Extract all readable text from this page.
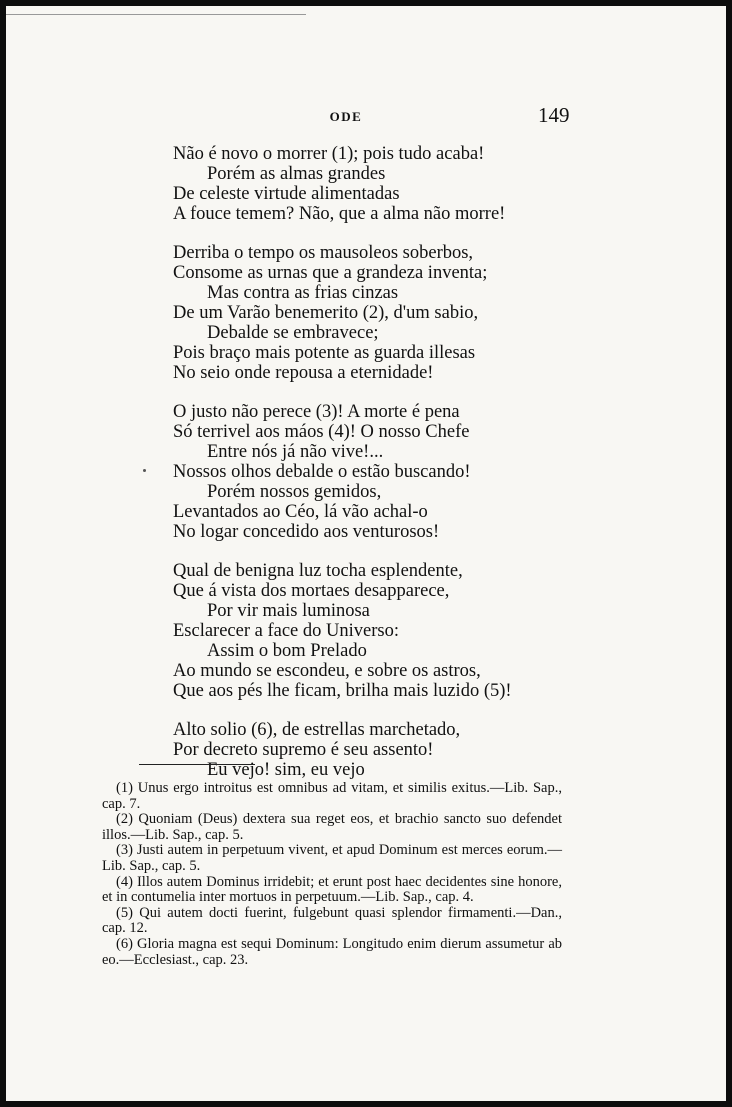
ODE	149
Não é novo o morrer (1); pois tudo acaba!
Porém as almas grandes
De celeste virtude alimentadas
A fouce temem? Não, que a alma não morre!
Derriba o tempo os mausoleos soberbos,
Consome as urnas que a grandeza inventa;
Mas contra as frias cinzas
De um Varão benemerito (2), d'um sabio,
Debalde se embravece;
Pois braço mais potente as guarda illesas
No seio onde repousa a eternidade!
O justo não perece (3)! A morte é pena
Só terrivel aos máos (4)! O nosso Chefe
Entre nós já não vive!...
Nossos olhos debalde o estão buscando!
Porém nossos gemidos,
Levantados ao Céo, lá vão achal-o
No logar concedido aos venturosos!
Qual de benigna luz tocha esplendente,
Que á vista dos mortaes desapparece,
Por vir mais luminosa
Esclarecer a face do Universo:
Assim o bom Prelado
Ao mundo se escondeu, e sobre os astros,
Que aos pés lhe ficam, brilha mais luzido (5)!
Alto solio (6), de estrellas marchetado,
Por decreto supremo é seu assento!
Eu vejo! sim, eu vejo
(1) Unus ergo introitus est omnibus ad vitam, et similis exitus.—Lib. Sap., cap. 7.
(2) Quoniam (Deus) dextera sua reget eos, et brachio sancto suo defendet illos.—Lib. Sap., cap. 5.
(3) Justi autem in perpetuum vivent, et apud Dominum est merces eorum.—Lib. Sap., cap. 5.
(4) Illos autem Dominus irridebit; et erunt post haec decidentes sine honore, et in contumelia inter mortuos in perpetuum.—Lib. Sap., cap. 4.
(5) Qui autem docti fuerint, fulgebunt quasi splendor firmamenti.—Dan., cap. 12.
(6) Gloria magna est sequi Dominum: Longitudo enim dierum assumetur ab eo.—Ecclesiast., cap. 23.
